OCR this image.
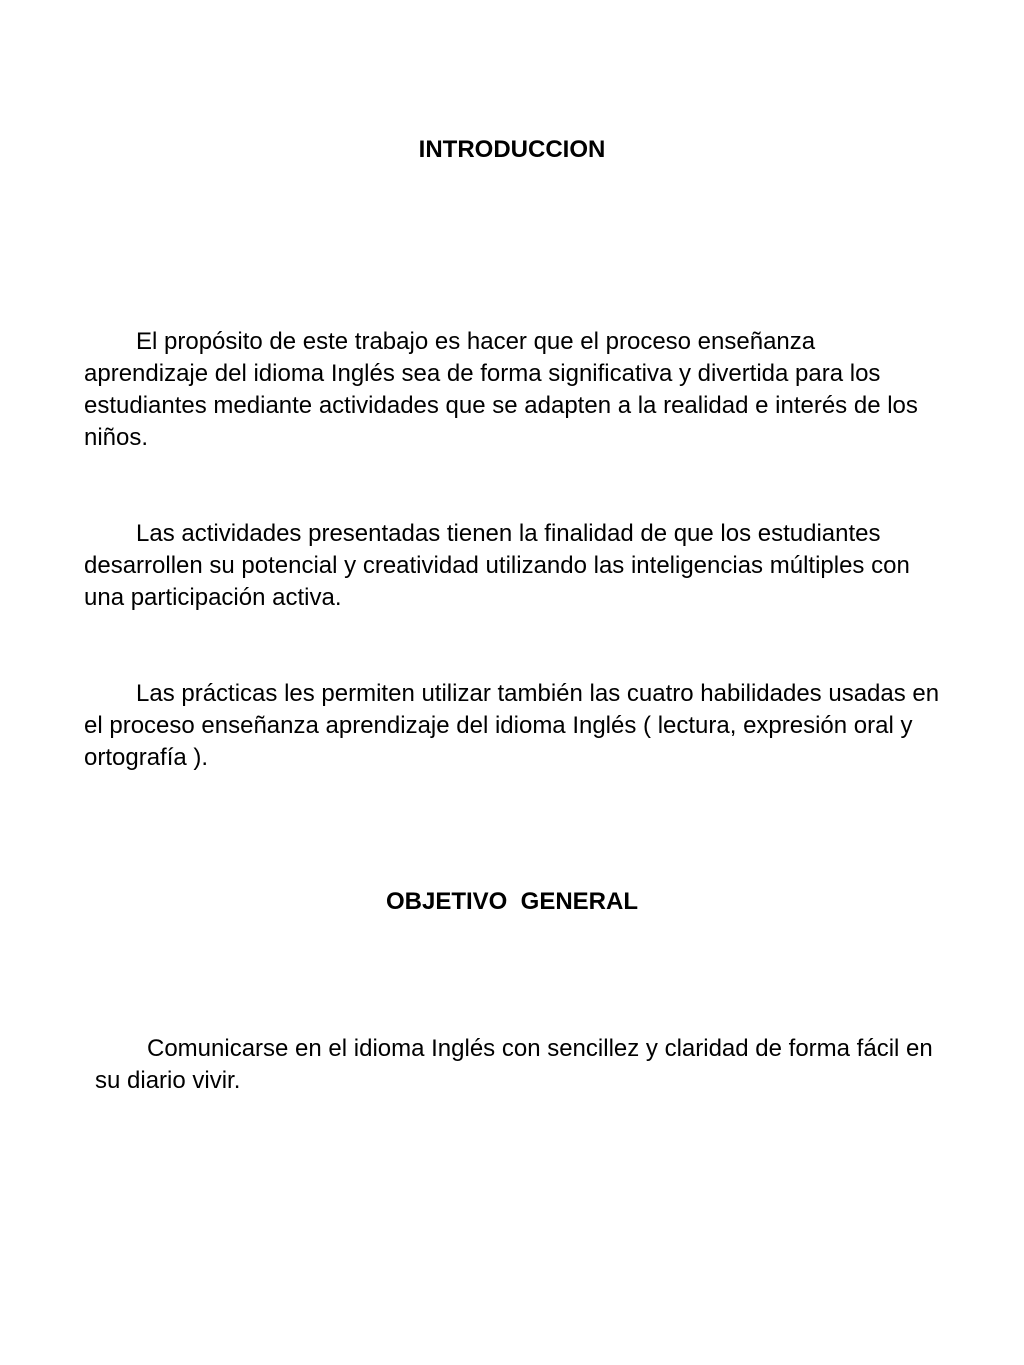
INTRODUCCION

El propósito de este trabajo es hacer que el proceso enseñanza aprendizaje del idioma Inglés sea de forma significativa y divertida para los estudiantes mediante actividades que se adapten a la realidad e interés de los niños.

Las actividades presentadas tienen la finalidad de que los estudiantes desarrollen su potencial y creatividad utilizando las inteligencias múltiples con una participación activa.

Las prácticas les permiten utilizar también las cuatro habilidades usadas en el proceso enseñanza aprendizaje del idioma Inglés ( lectura, expresión oral y ortografía ).

OBJETIVO  GENERAL

Comunicarse en el idioma Inglés con sencillez y claridad de forma fácil en su diario vivir.
